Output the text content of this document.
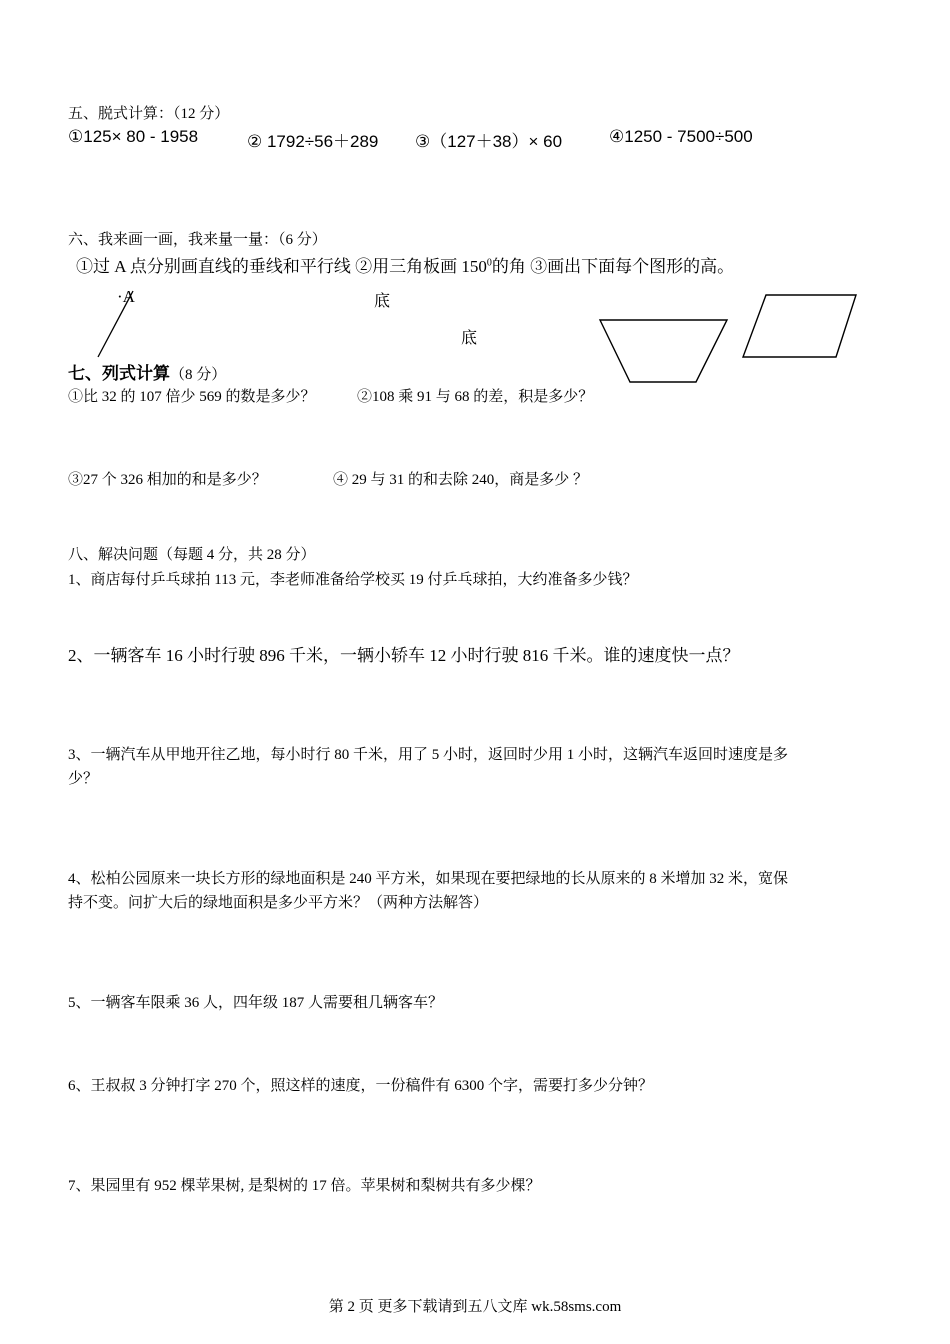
五、脱式计算：（12 分）
①125× 80 - 1958	② 1792÷56＋289 ③（127＋38）× 60	④1250 - 7500÷500
六、我来画一画，我来量一量：（6 分）
①过 A 点分别画直线的垂线和平行线 ②用三角板画 $150^0$的角 ③画出下面每个图形的高。
·A	底
底
七、列式计算（8 分）
①比 32 的 107 倍少 569 的数是多少？	②108 乘 91 与 68 的差，积是多少？
③27 个 326 相加的和是多少？	④ 29 与 31 的和去除 240，商是多少 ？
八、解决问题（每题 4 分，共 28 分）
1、商店每付乒乓球拍 113 元，李老师准备给学校买 19 付乒乓球拍，大约准备多少钱？
2、一辆客车 16 小时行驶 896 千米，一辆小轿车 12 小时行驶 816 千米。谁的速度快一点？
3、一辆汽车从甲地开往乙地，每小时行 80 千米，用了 5 小时，返回时少用 1 小时，这辆汽车返回时速度是多
少？
4、松柏公园原来一块长方形的绿地面积是 240 平方米，如果现在要把绿地的长从原来的 8 米增加 32 米，宽保
持不变。问扩大后的绿地面积是多少平方米？（两种方法解答）
5、一辆客车限乘 36 人，四年级 187 人需要租几辆客车？
6、王叔叔 3 分钟打字 270 个，照这样的速度，一份稿件有 6300 个字，需要打多少分钟？
7、果园里有 952 棵苹果树, 是梨树的 17 倍。苹果树和梨树共有多少棵？
第 2 页 更多下载请到五八文库 wk.58sms.com
